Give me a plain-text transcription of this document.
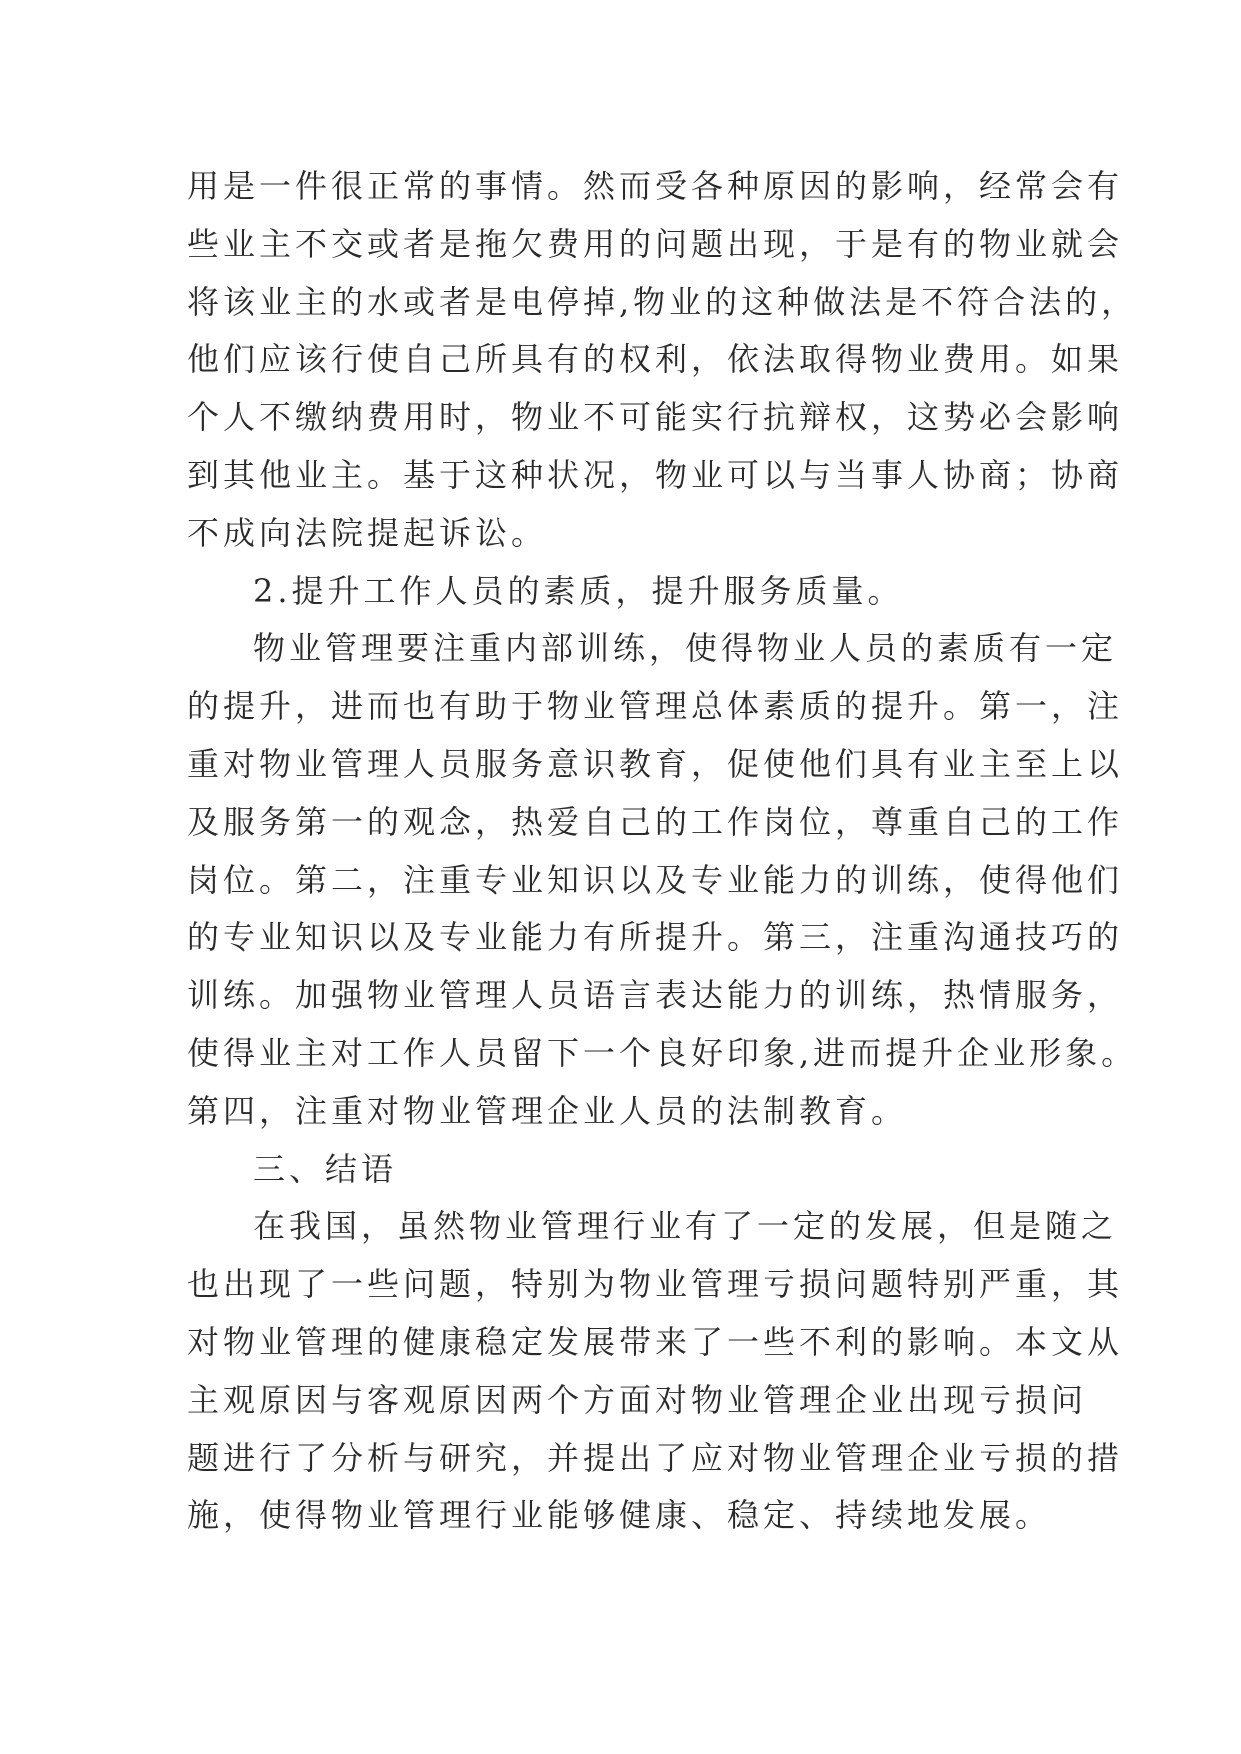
用是一件很正常的事情。然而受各种原因的影响，经常会有
些业主不交或者是拖欠费用的问题出现，于是有的物业就会
将该业主的水或者是电停掉,物业的这种做法是不符合法的，
他们应该行使自己所具有的权利，依法取得物业费用。如果
个人不缴纳费用时，物业不可能实行抗辩权，这势必会影响
到其他业主。基于这种状况，物业可以与当事人协商；协商
不成向法院提起诉讼。
2.提升工作人员的素质，提升服务质量。
物业管理要注重内部训练，使得物业人员的素质有一定
的提升，进而也有助于物业管理总体素质的提升。第一，注
重对物业管理人员服务意识教育，促使他们具有业主至上以
及服务第一的观念，热爱自己的工作岗位，尊重自己的工作
岗位。第二，注重专业知识以及专业能力的训练，使得他们
的专业知识以及专业能力有所提升。第三，注重沟通技巧的
训练。加强物业管理人员语言表达能力的训练，热情服务，
使得业主对工作人员留下一个良好印象,进而提升企业形象。
第四，注重对物业管理企业人员的法制教育。
三、结语
在我国，虽然物业管理行业有了一定的发展，但是随之
也出现了一些问题，特别为物业管理亏损问题特别严重，其
对物业管理的健康稳定发展带来了一些不利的影响。本文从
主观原因与客观原因两个方面对物业管理企业出现亏损问
题进行了分析与研究，并提出了应对物业管理企业亏损的措
施，使得物业管理行业能够健康、稳定、持续地发展。
